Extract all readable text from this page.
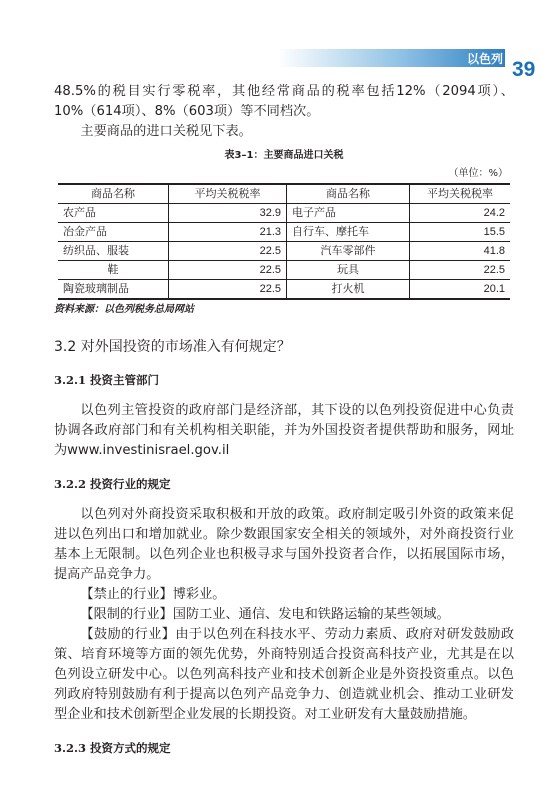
以色列 39

48.5%的税目实行零税率，其他经常商品的税率包括12%（2094项）、10%（614项）、8%（603项）等不同档次。

主要商品的进口关税见下表。

表3–1：主要商品进口关税
（单位：%）
商品名称	平均关税税率	商品名称	平均关税税率
农产品	32.9	电子产品	24.2
冶金产品	21.3	自行车、摩托车	15.5
纺织品、服装	22.5	汽车零部件	41.8
鞋	22.5	玩具	22.5
陶瓷玻璃制品	22.5	打火机	20.1

资料来源：以色列税务总局网站

3.2 对外国投资的市场准入有何规定？
3.2.1 投资主管部门

以色列主管投资的政府部门是经济部，其下设的以色列投资促进中心负责协调各政府部门和有关机构相关职能，并为外国投资者提供帮助和服务，网址为www.investinisrael.gov.il

3.2.2 投资行业的规定

以色列对外商投资采取积极和开放的政策。政府制定吸引外资的政策来促进以色列出口和增加就业。除少数跟国家安全相关的领域外，对外商投资行业基本上无限制。以色列企业也积极寻求与国外投资者合作，以拓展国际市场，提高产品竞争力。

【禁止的行业】博彩业。

【限制的行业】国防工业、通信、发电和铁路运输的某些领域。

【鼓励的行业】由于以色列在科技水平、劳动力素质、政府对研发鼓励政策、培育环境等方面的领先优势，外商特别适合投资高科技产业，尤其是在以色列设立研发中心。以色列高科技产业和技术创新企业是外资投资重点。以色列政府特别鼓励有利于提高以色列产品竞争力、创造就业机会、推动工业研发型企业和技术创新型企业发展的长期投资。对工业研发有大量鼓励措施。

3.2.3 投资方式的规定
